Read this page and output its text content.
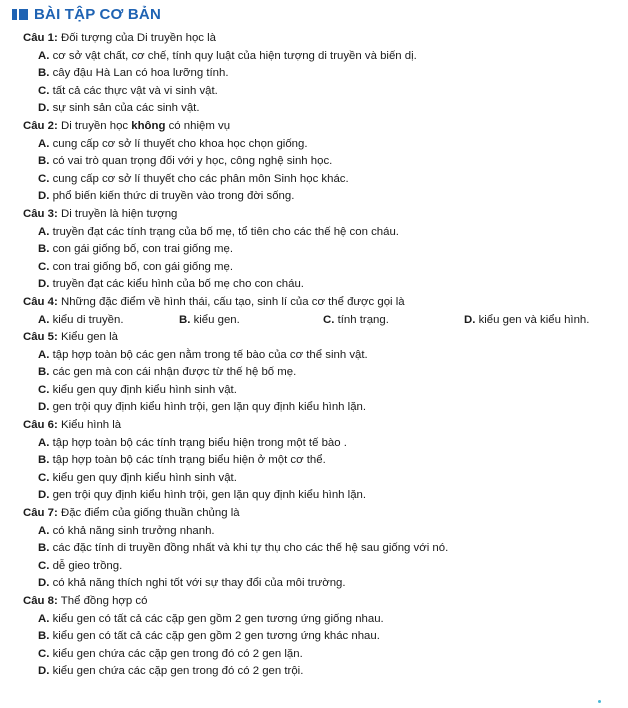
BÀI TẬP CƠ BẢN
Câu 1: Đối tượng của Di truyền học là
A. cơ sở vật chất, cơ chế, tính quy luật của hiện tượng di truyền và biến dị.
B. cây đậu Hà Lan có hoa lưỡng tính.
C. tất cả các thực vật và vi sinh vật.
D. sự sinh sản của các sinh vật.
Câu 2: Di truyền học không có nhiệm vụ
A. cung cấp cơ sở lí thuyết cho khoa học chọn giống.
B. có vai trò quan trọng đối với y học, công nghệ sinh học.
C. cung cấp cơ sở lí thuyết cho các phân môn Sinh học khác.
D. phổ biến kiến thức di truyền vào trong đời sống.
Câu 3: Di truyền là hiện tượng
A. truyền đạt các tính trạng của bố mẹ, tổ tiên cho các thế hệ con cháu.
B. con gái giống bố, con trai giống mẹ.
C. con trai giống bố, con gái giống mẹ.
D. truyền đạt các kiểu hình của bố mẹ cho con cháu.
Câu 4: Những đặc điểm về hình thái, cấu tạo, sinh lí của cơ thể được gọi là
A. kiểu di truyền.	B. kiểu gen.	C. tính trạng.	D. kiểu gen và kiểu hình.
Câu 5: Kiểu gen là
A. tập hợp toàn bộ các gen nằm trong tế bào của cơ thể sinh vật.
B. các gen mà con cái nhận được từ thế hệ bố mẹ.
C. kiểu gen quy định kiểu hình sinh vật.
D. gen trội quy định kiểu hình trội, gen lặn quy định kiểu hình lặn.
Câu 6: Kiểu hình là
A. tập hợp toàn bộ các tính trạng biểu hiện trong một tế bào .
B. tập hợp toàn bộ các tính trạng biểu hiện ở một cơ thể.
C. kiểu gen quy định kiểu hình sinh vật.
D. gen trội quy định kiểu hình trội, gen lặn quy định kiểu hình lặn.
Câu 7: Đặc điểm của giống thuần chủng là
A. có khả năng sinh trưởng nhanh.
B. các đặc tính di truyền đồng nhất và khi tự thụ cho các thế hệ sau giống với nó.
C. dễ gieo trồng.
D. có khả năng thích nghi tốt với sự thay đổi của môi trường.
Câu 8: Thể đồng hợp có
A. kiểu gen có tất cả các cặp gen gồm 2 gen tương ứng giống nhau.
B. kiểu gen có tất cả các cặp gen gồm 2 gen tương ứng khác nhau.
C. kiểu gen chứa các cặp gen trong đó có 2 gen lặn.
D. kiểu gen chứa các cặp gen trong đó có 2 gen trội.
